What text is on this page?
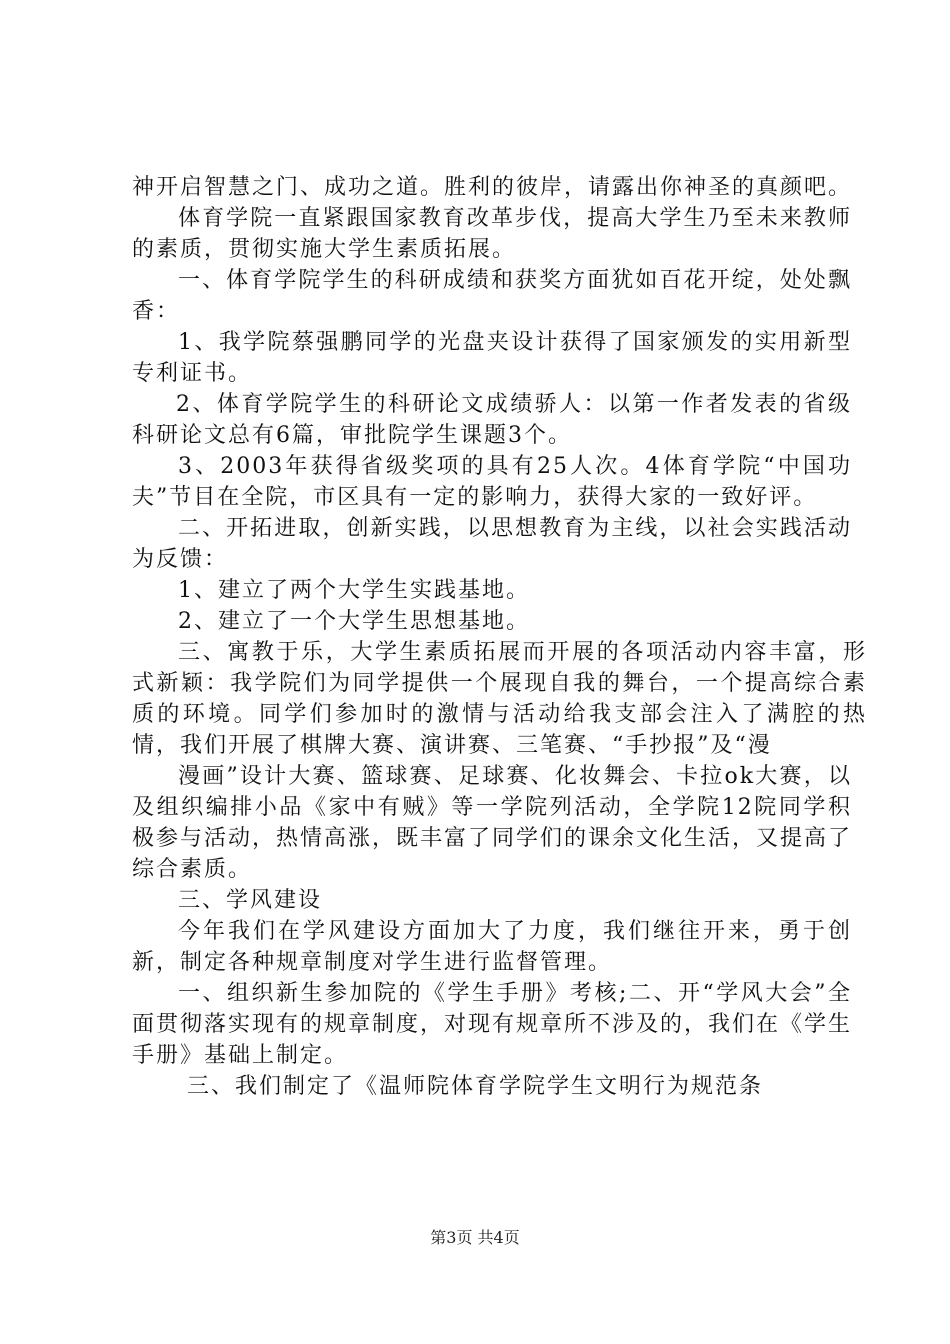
神开启智慧之门、成功之道。胜利的彼岸，请露出你神圣的真颜吧。

体育学院一直紧跟国家教育改革步伐，提高大学生乃至未来教师的素质，贯彻实施大学生素质拓展。

一、体育学院学生的科研成绩和获奖方面犹如百花开绽，处处飘香：

1、我学院蔡强鹏同学的光盘夹设计获得了国家颁发的实用新型专利证书。

2、体育学院学生的科研论文成绩骄人：以第一作者发表的省级科研论文总有6篇，审批院学生课题3个。

3、2003年获得省级奖项的具有25人次。4体育学院“中国功夫”节目在全院，市区具有一定的影响力，获得大家的一致好评。

二、开拓进取，创新实践，以思想教育为主线，以社会实践活动为反馈：

1、建立了两个大学生实践基地。

2、建立了一个大学生思想基地。

三、寓教于乐，大学生素质拓展而开展的各项活动内容丰富，形式新颖：我学院们为同学提供一个展现自我的舞台，一个提高综合素质的环境。同学们参加时的激情与活动给我支部会注入了满腔的热情，我们开展了棋牌大赛、演讲赛、三笔赛、“手抄报”及“漫

漫画”设计大赛、篮球赛、足球赛、化妆舞会、卡拉ok大赛，以及组织编排小品《家中有贼》等一学院列活动，全学院12院同学积极参与活动，热情高涨，既丰富了同学们的课余文化生活，又提高了综合素质。

三、学风建设

今年我们在学风建设方面加大了力度，我们继往开来，勇于创新，制定各种规章制度对学生进行监督管理。

一、组织新生参加院的《学生手册》考核;二、开“学风大会”全面贯彻落实现有的规章制度，对现有规章所不涉及的，我们在《学生手册》基础上制定。

三、我们制定了《温师院体育学院学生文明行为规范条

第3页 共4页
